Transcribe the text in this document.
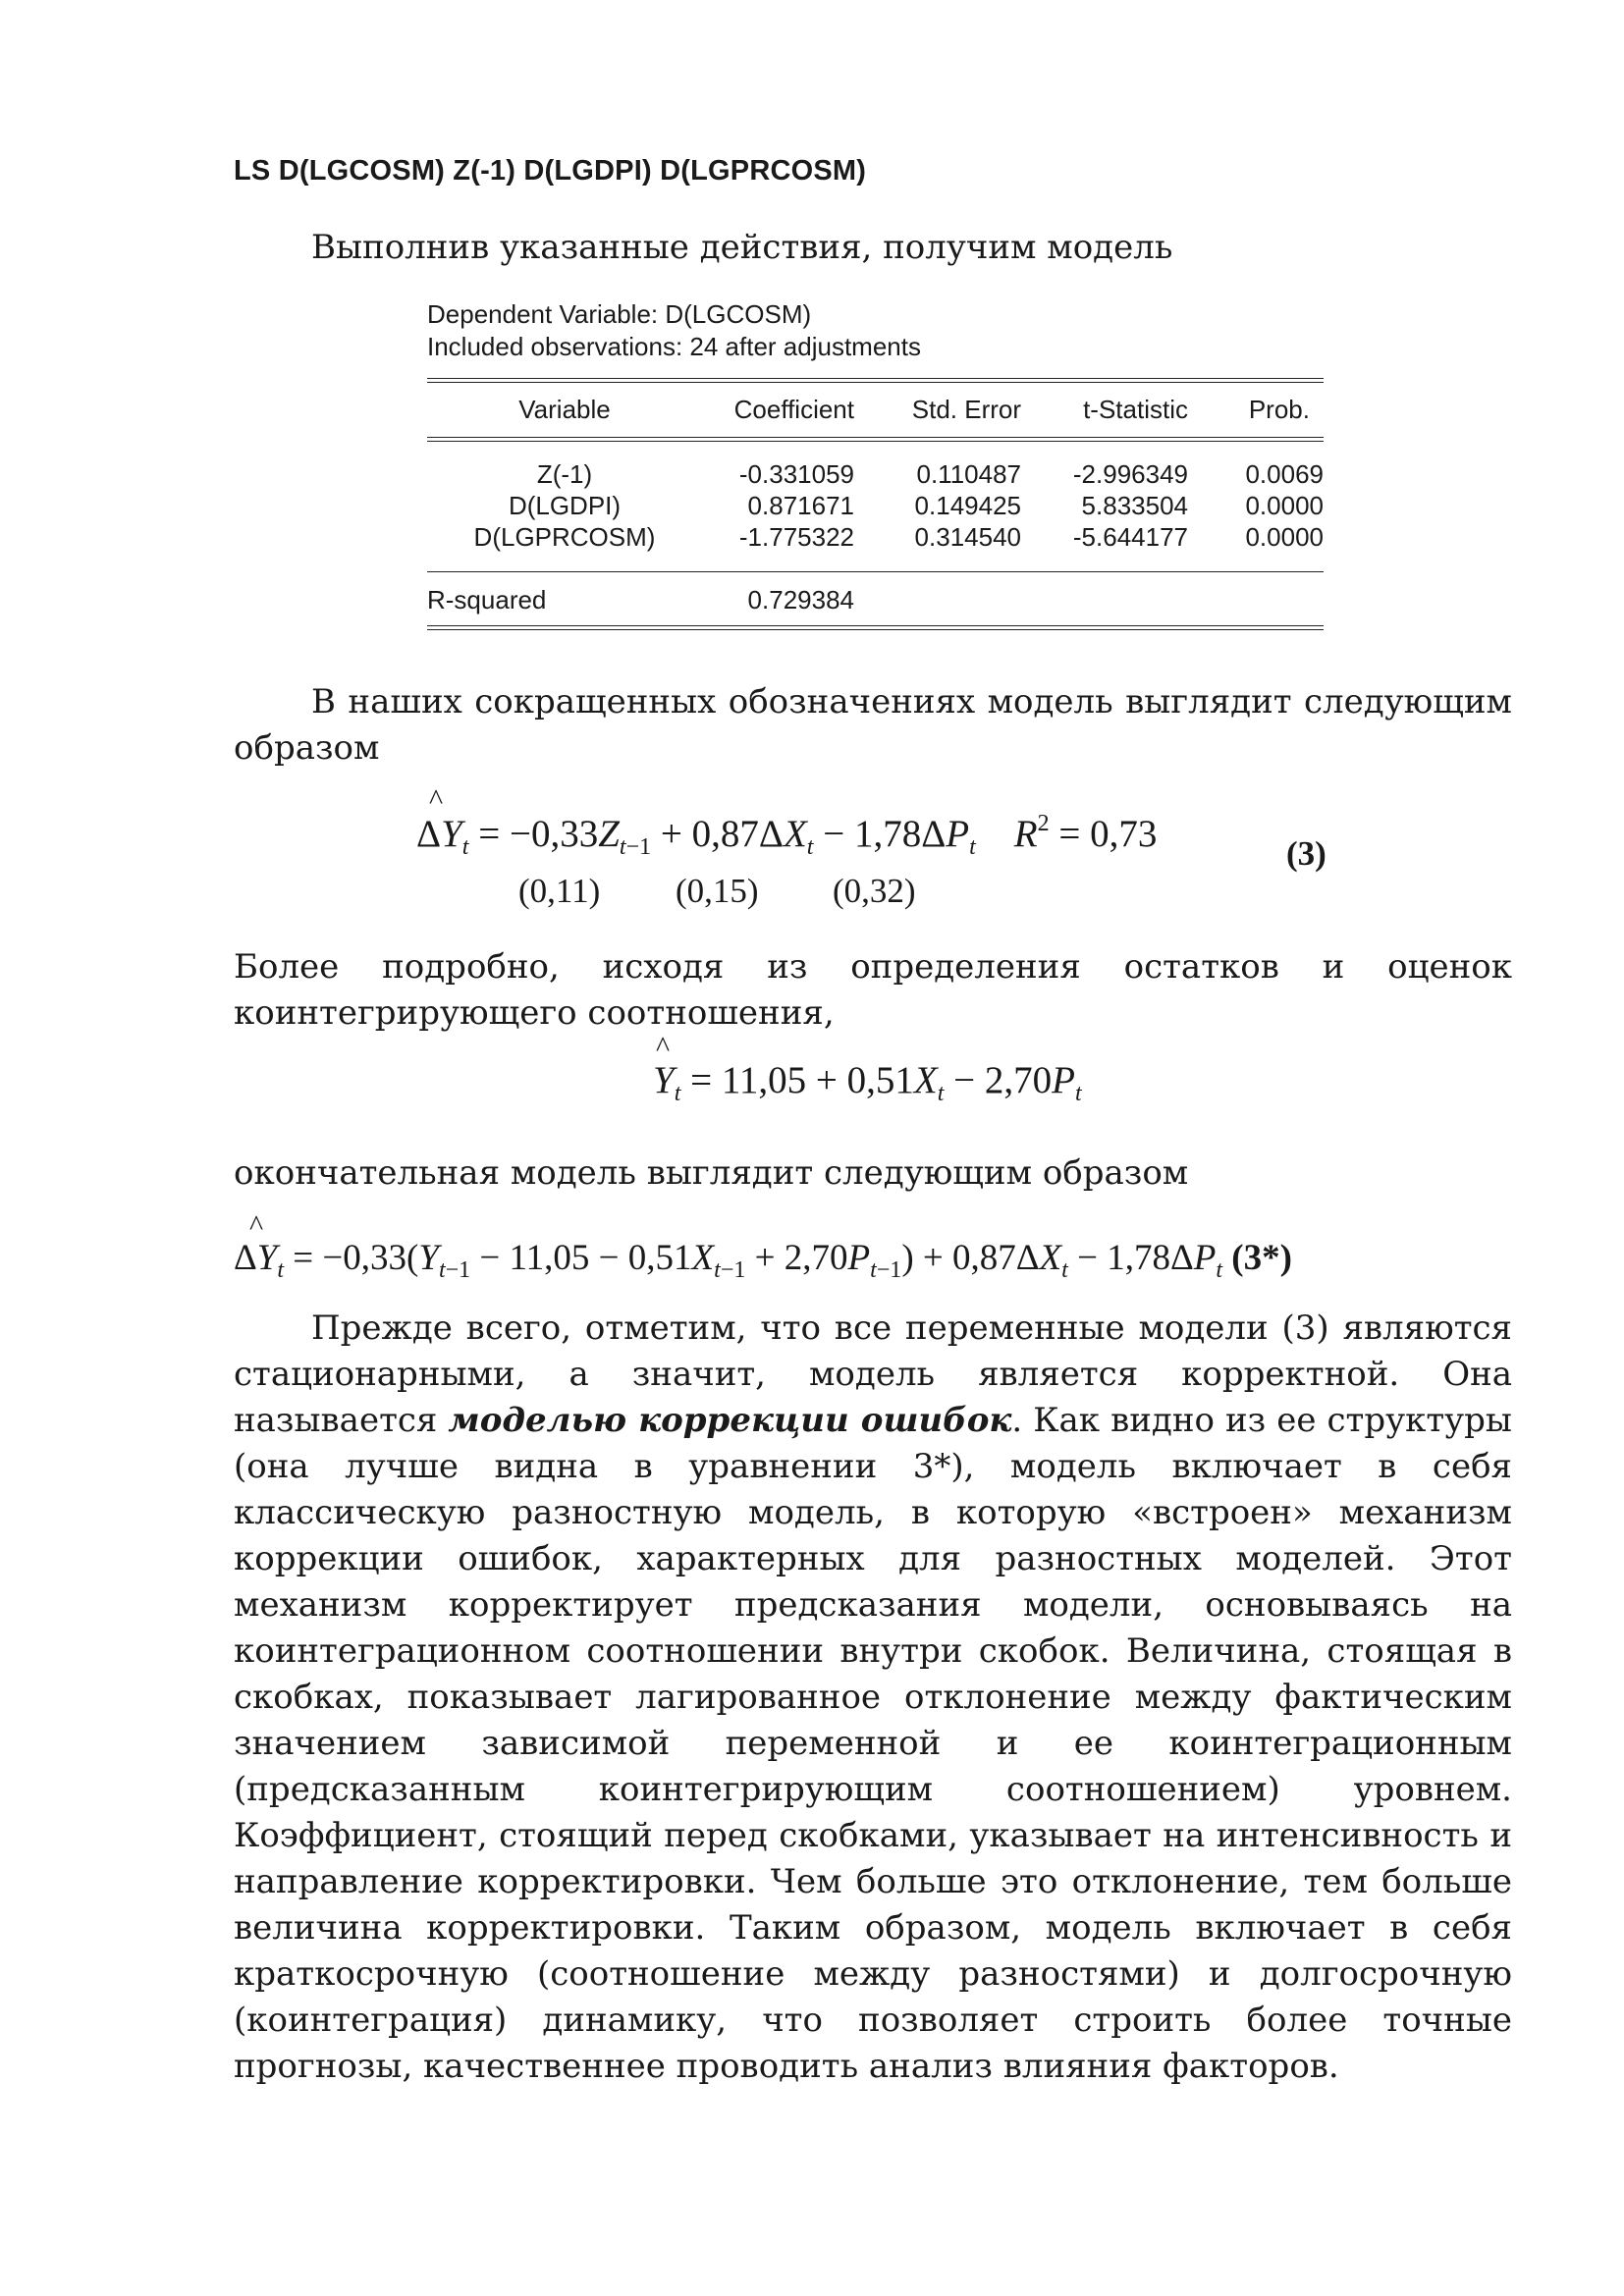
LS D(LGCOSM) Z(-1) D(LGDPI) D(LGPRCOSM)
Выполнив указанные действия, получим модель
Dependent Variable: D(LGCOSM)
Included observations: 24 after adjustments
Variable	Coefficient	Std. Error	t-Statistic	Prob.
Z(-1)	-0.331059	0.110487	-2.996349	0.0069
D(LGDPI)	0.871671	0.149425	5.833504	0.0000
D(LGPRCOSM)	-1.775322	0.314540	-5.644177	0.0000
R-squared	0.729384

В нашиx сокращенных обозначениях модель выглядит следующим образом

^
$\Delta Y_t = -0,33Z_{t-1} + 0,87\Delta X_t - 1,78\Delta P_t$ $R^2 = 0,73$	(3)
(0,11) (0,15) (0,32)

Более подробно, исходя из определения остатков и оценок коинтегрирующего соотношения,

^
$Y_t = 11,05 + 0,51X_t - 2,70P_t$

окончательная модель выглядит следующим образом

^
$\Delta Y_t = -0,33(Y_{t-1} - 11,05 - 0,51X_{t-1} + 2,70P_{t-1}) + 0,87\Delta X_t - 1,78\Delta P_t$ (3*)

Прежде всего, отметим, что все переменные модели (3) являются стационарными, а значит, модель является корректной. Она называется моделью коррекции ошибок. Как видно из ее структуры (она лучше видна в уравнении 3*), модель включает в себя классическую разностную модель, в которую «встроен» механизм коррекции ошибок, характерных для разностных моделей. Этот механизм корректирует предсказания модели, основываясь на коинтеграционном соотношении внутри скобок. Величина, стоящая в скобках, показывает лагированное отклонение между фактическим значением зависимой переменной и ее коинтеграционным (предсказанным коинтегрирующим соотношением) уровнем. Коэффициент, стоящий перед скобками, указывает на интенсивность и направление корректировки. Чем больше это отклонение, тем больше величина корректировки. Таким образом, модель включает в себя краткосрочную (соотношение между разностями) и долгосрочную (коинтеграция) динамику, что позволяет строить более точные прогнозы, качественнее проводить анализ влияния факторов.
